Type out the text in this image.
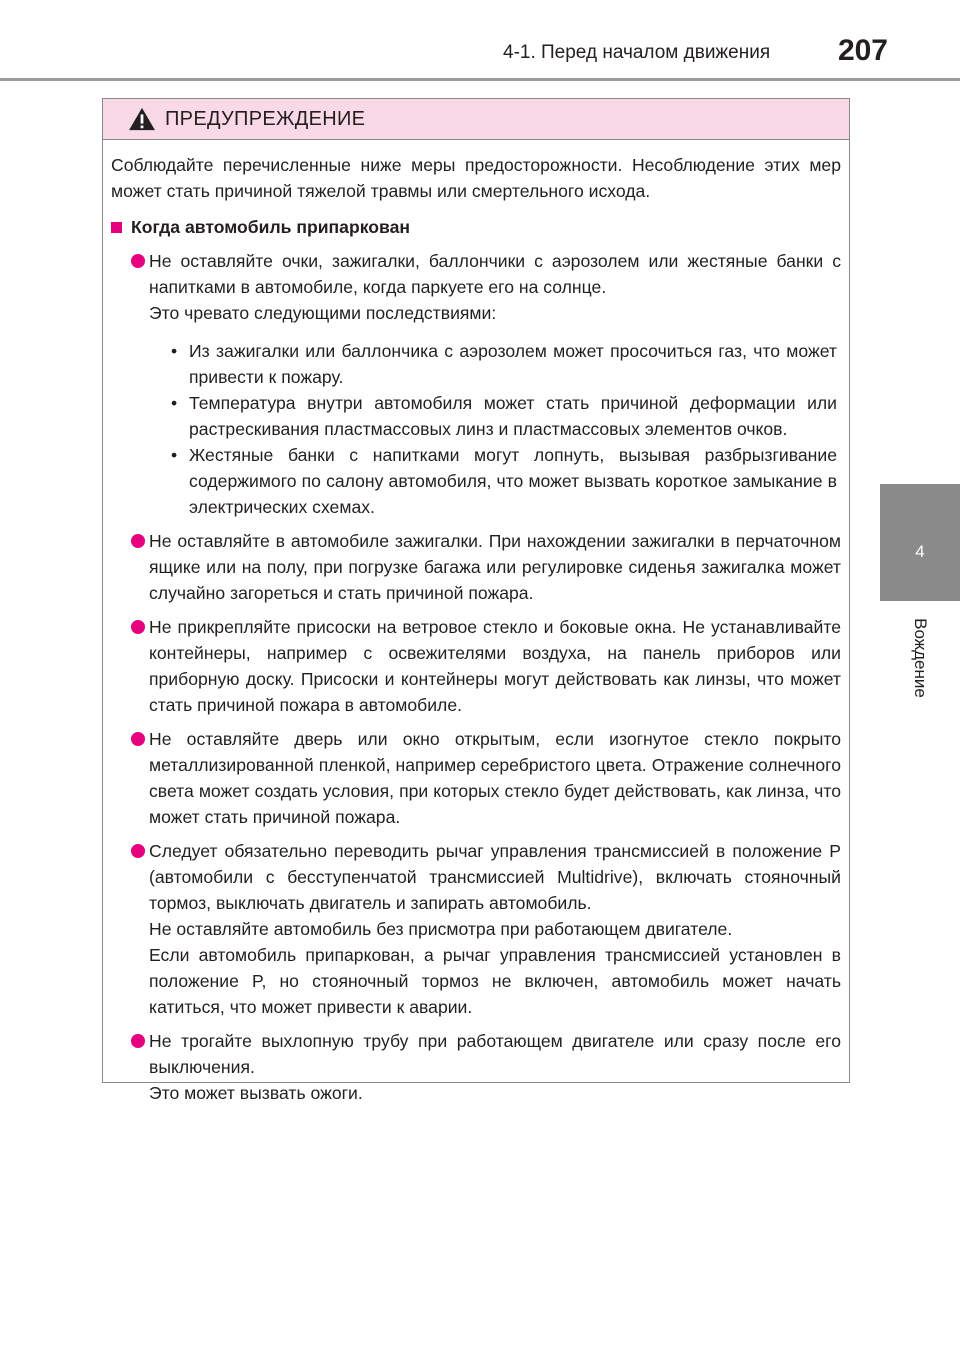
4-1. Перед началом движения	207
4
Вождение
ПРЕДУПРЕЖДЕНИЕ

Соблюдайте перечисленные ниже меры предосторожности. Несоблюдение этих мер может стать причиной тяжелой травмы или смертельного исхода.

Когда автомобиль припаркован

Не оставляйте очки, зажигалки, баллончики с аэрозолем или жестяные банки с напитками в автомобиле, когда паркуете его на солнце.

Это чревато следующими последствиями:

• Из зажигалки или баллончика с аэрозолем может просочиться газ, что может привести к пожару.
• Температура внутри автомобиля может стать причиной деформации или растрескивания пластмассовых линз и пластмассовых элементов очков.
• Жестяные банки с напитками могут лопнуть, вызывая разбрызгивание содержимого по салону автомобиля, что может вызвать короткое замыкание в электрических схемах.

Не оставляйте в автомобиле зажигалки. При нахождении зажигалки в перчаточном ящике или на полу, при погрузке багажа или регулировке сиденья зажигалка может случайно загореться и стать причиной пожара.

Не прикрепляйте присоски на ветровое стекло и боковые окна. Не устанавливайте контейнеры, например с освежителями воздуха, на панель приборов или приборную доску. Присоски и контейнеры могут действовать как линзы, что может стать причиной пожара в автомобиле.

Не оставляйте дверь или окно открытым, если изогнутое стекло покрыто металлизированной пленкой, например серебристого цвета. Отражение солнечного света может создать условия, при которых стекло будет действовать, как линза, что может стать причиной пожара.

Следует обязательно переводить рычаг управления трансмиссией в положение P (автомобили с бесступенчатой трансмиссией Multidrive), включать стояночный тормоз, выключать двигатель и запирать автомобиль.

Не оставляйте автомобиль без присмотра при работающем двигателе.

Если автомобиль припаркован, а рычаг управления трансмиссией установлен в положение P, но стояночный тормоз не включен, автомобиль может начать катиться, что может привести к аварии.

Не трогайте выхлопную трубу при работающем двигателе или сразу после его выключения.

Это может вызвать ожоги.
